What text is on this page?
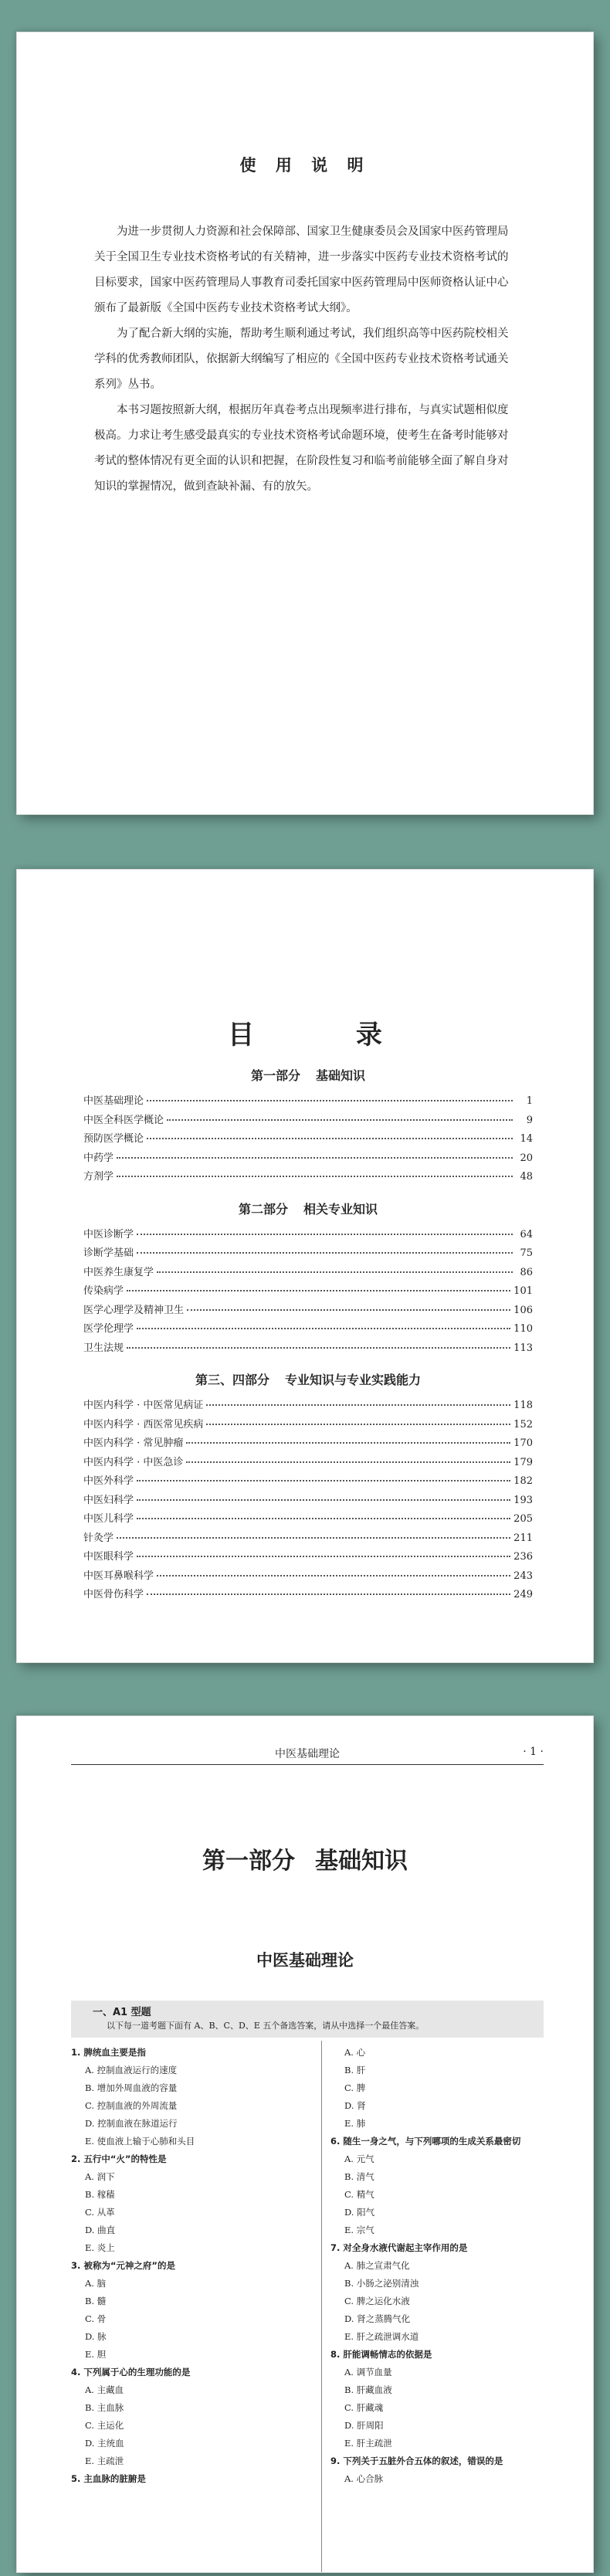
使 用 说 明

为进一步贯彻人力资源和社会保障部、国家卫生健康委员会及国家中医药管理局关于全国卫生专业技术资格考试的有关精神，进一步落实中医药专业技术资格考试的目标要求，国家中医药管理局人事教育司委托国家中医药管理局中医师资格认证中心颁布了最新版《全国中医药专业技术资格考试大纲》。

为了配合新大纲的实施，帮助考生顺利通过考试，我们组织高等中医药院校相关学科的优秀教师团队，依据新大纲编写了相应的《全国中医药专业技术资格考试通关系列》丛书。

本书习题按照新大纲，根据历年真卷考点出现频率进行排布，与真实试题相似度极高。力求让考生感受最真实的专业技术资格考试命题环境，使考生在备考时能够对考试的整体情况有更全面的认识和把握，在阶段性复习和临考前能够全面了解自身对知识的掌握情况，做到查缺补漏、有的放矢。

目 录
第一部分 基础知识
中医基础理论	1
中医全科医学概论	9
预防医学概论	14
中药学	20
方剂学	48
第二部分 相关专业知识
中医诊断学	64
诊断学基础	75
中医养生康复学	86
传染病学	101
医学心理学及精神卫生	106
医学伦理学	110
卫生法规	113
第三、四部分 专业知识与专业实践能力
中医内科学 · 中医常见病证	118
中医内科学 · 西医常见疾病	152
中医内科学 · 常见肿瘤	170
中医内科学 · 中医急诊	179
中医外科学	182
中医妇科学	193
中医儿科学	205
针灸学	211
中医眼科学	236
中医耳鼻喉科学	243
中医骨伤科学	249
中医基础理论	· 1 ·
第一部分 基础知识
中医基础理论
一、A1 型题
以下每一道考题下面有 A、B、C、D、E 五个备选答案，请从中选择一个最佳答案。
1. 脾统血主要是指
A. 控制血液运行的速度
B. 增加外周血液的容量
C. 控制血液的外周流量
D. 控制血液在脉道运行
E. 使血液上输于心肺和头目
2. 五行中“火”的特性是
A. 润下
B. 稼穑
C. 从革
D. 曲直
E. 炎上
3. 被称为“元神之府”的是
A. 脑
B. 髓
C. 骨
D. 脉
E. 胆
4. 下列属于心的生理功能的是
A. 主藏血
B. 主血脉
C. 主运化
D. 主统血
E. 主疏泄
5. 主血脉的脏腑是
A. 心
B. 肝
C. 脾
D. 肾
E. 肺
6. 随生一身之气，与下列哪项的生成关系最密切
A. 元气
B. 清气
C. 精气
D. 阳气
E. 宗气
7. 对全身水液代谢起主宰作用的是
A. 肺之宣肃气化
B. 小肠之泌别清浊
C. 脾之运化水液
D. 肾之蒸腾气化
E. 肝之疏泄调水道
8. 肝能调畅情志的依据是
A. 调节血量
B. 肝藏血液
C. 肝藏魂
D. 肝周阳
E. 肝主疏泄
9. 下列关于五脏外合五体的叙述，错误的是
A. 心合脉
